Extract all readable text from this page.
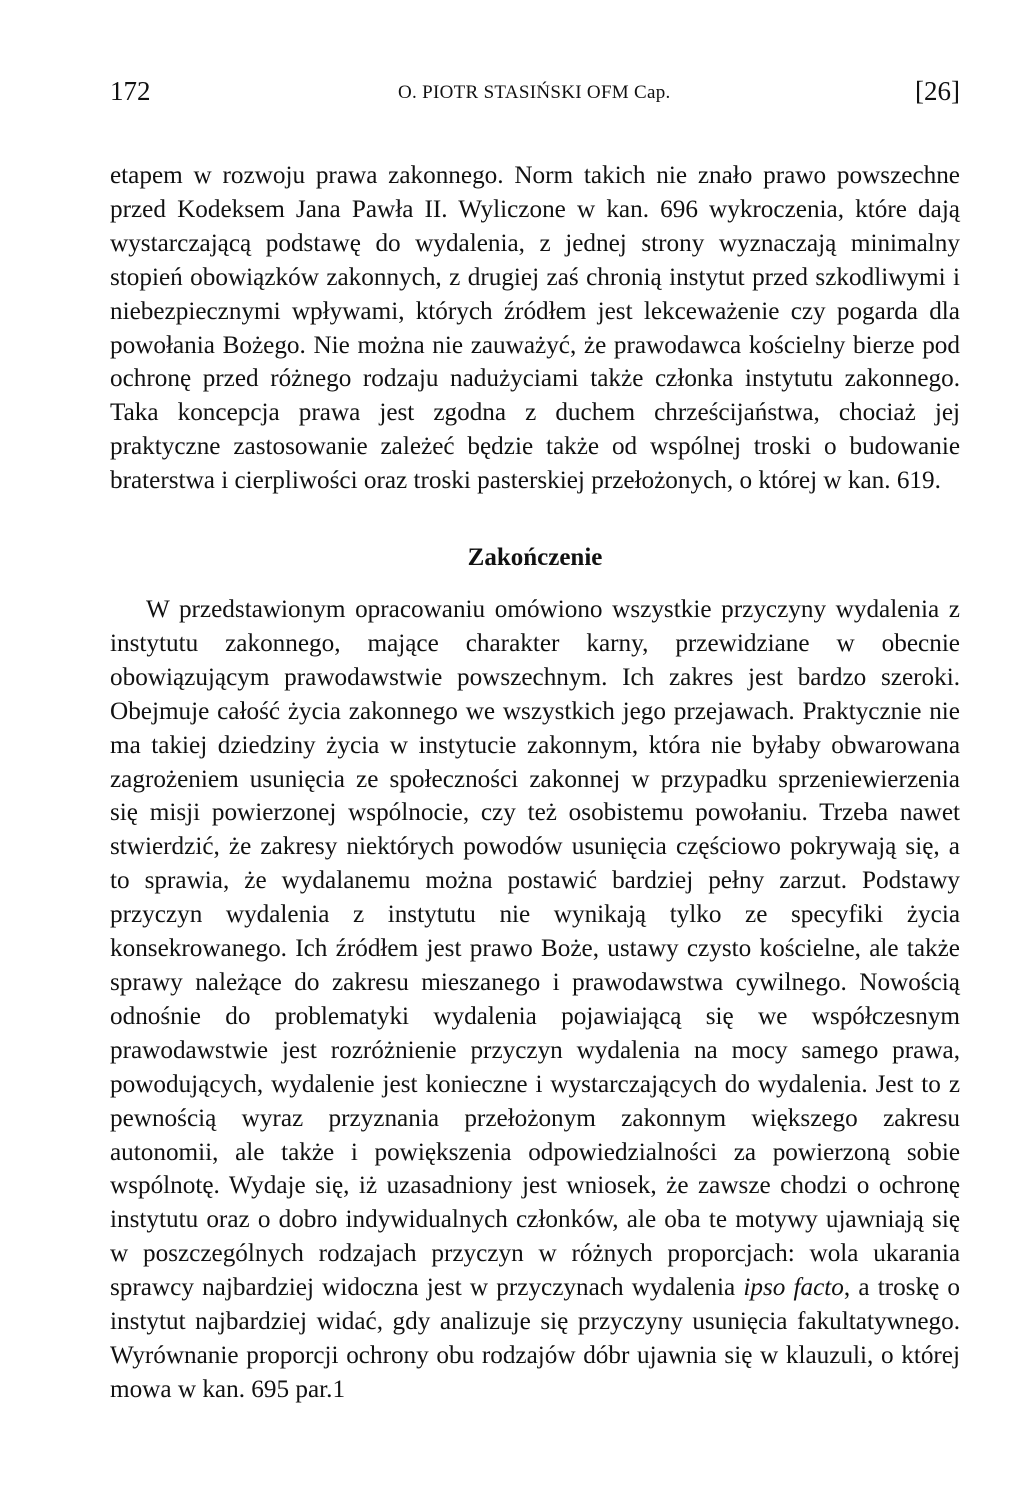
172	O. PIOTR STASIŃSKI OFM Cap.	[26]

etapem w rozwoju prawa zakonnego. Norm takich nie znało prawo powszechne przed Kodeksem Jana Pawła II. Wyliczone w kan. 696 wykroczenia, które dają wystarczającą podstawę do wydalenia, z jednej strony wyznaczają minimalny stopień obowiązków zakonnych, z drugiej zaś chronią instytut przed szkodliwymi i niebezpiecznymi wpływami, których źródłem jest lekceważenie czy pogarda dla powołania Bożego. Nie można nie zauważyć, że prawodawca kościelny bierze pod ochronę przed różnego rodzaju nadużyciami także członka instytutu zakonnego. Taka koncepcja prawa jest zgodna z duchem chrześcijaństwa, chociaż jej praktyczne zastosowanie zależeć będzie także od wspólnej troski o budowanie braterstwa i cierpliwości oraz troski pasterskiej przełożonych, o której w kan. 619.

Zakończenie

W przedstawionym opracowaniu omówiono wszystkie przyczyny wydalenia z instytutu zakonnego, mające charakter karny, przewidziane w obecnie obowiązującym prawodawstwie powszechnym. Ich zakres jest bardzo szeroki. Obejmuje całość życia zakonnego we wszystkich jego przejawach. Praktycznie nie ma takiej dziedziny życia w instytucie zakonnym, która nie byłaby obwarowana zagrożeniem usunięcia ze społeczności zakonnej w przypadku sprzeniewierzenia się misji powierzonej wspólnocie, czy też osobistemu powołaniu. Trzeba nawet stwierdzić, że zakresy niektórych powodów usunięcia częściowo pokrywają się, a to sprawia, że wydalanemu można postawić bardziej pełny zarzut. Podstawy przyczyn wydalenia z instytutu nie wynikają tylko ze specyfiki życia konsekrowanego. Ich źródłem jest prawo Boże, ustawy czysto kościelne, ale także sprawy należące do zakresu mieszanego i prawodawstwa cywilnego. Nowością odnośnie do problematyki wydalenia pojawiającą się we współczesnym prawodawstwie jest rozróżnienie przyczyn wydalenia na mocy samego prawa, powodujących, wydalenie jest konieczne i wystarczających do wydalenia. Jest to z pewnością wyraz przyznania przełożonym zakonnym większego zakresu autonomii, ale także i powiększenia odpowiedzialności za powierzoną sobie wspólnotę. Wydaje się, iż uzasadniony jest wniosek, że zawsze chodzi o ochronę instytutu oraz o dobro indywidualnych członków, ale oba te motywy ujawniają się w poszczególnych rodzajach przyczyn w różnych proporcjach: wola ukarania sprawcy najbardziej widoczna jest w przyczynach wydalenia ipso facto, a troskę o instytut najbardziej widać, gdy analizuje się przyczyny usunięcia fakultatywnego. Wyrównanie proporcji ochrony obu rodzajów dóbr ujawnia się w klauzuli, o której mowa w kan. 695 par.1
